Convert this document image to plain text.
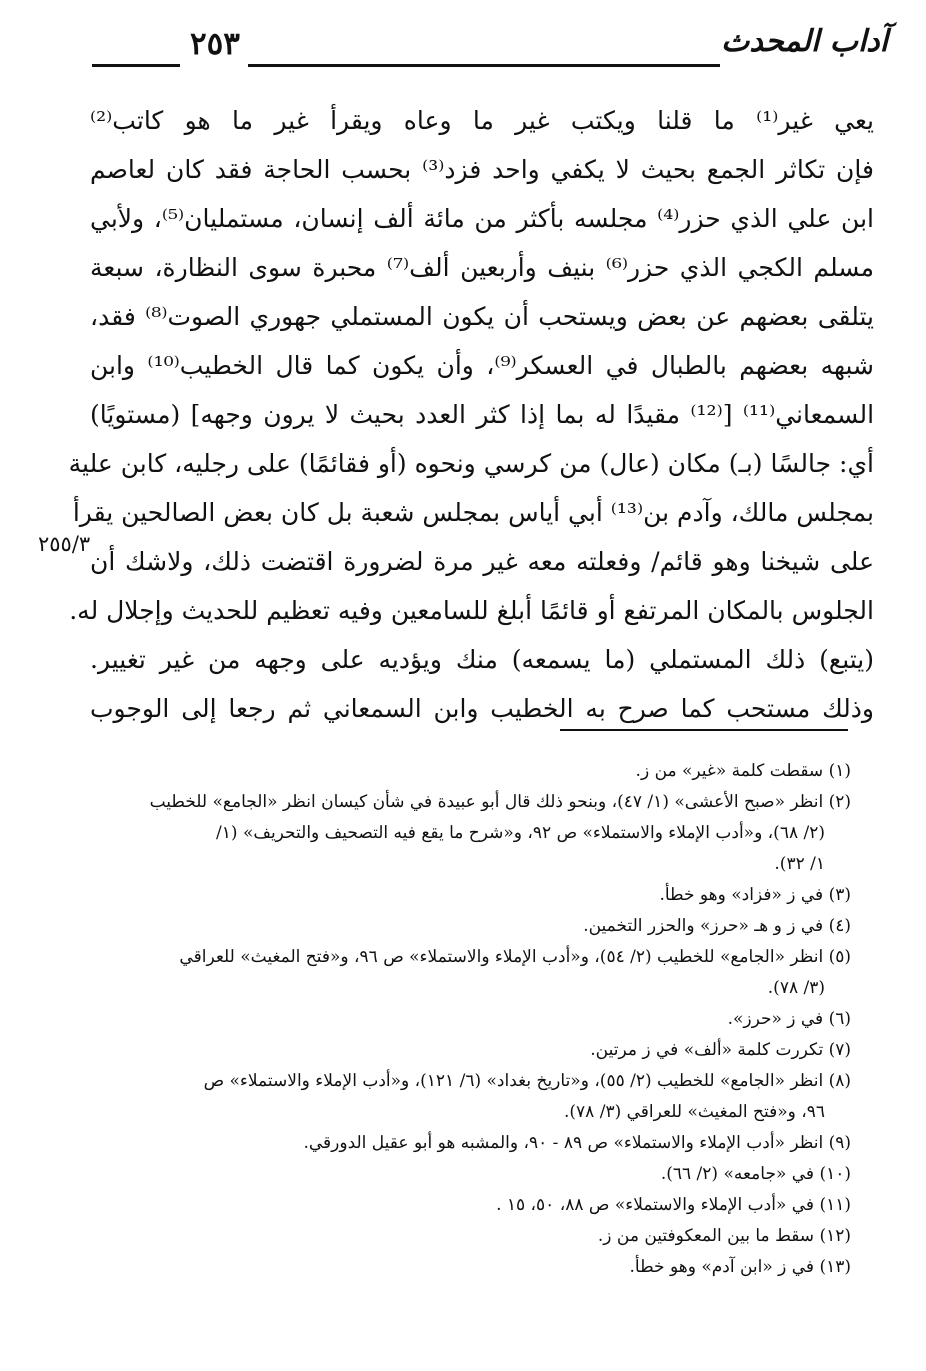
آداب المحدث
٢٥٣
يعي غير⁽¹⁾ ما قلنا ويكتب غير ما وعاه ويقرأ غير ما هو كاتب⁽²⁾
فإن تكاثر الجمع بحيث لا يكفي واحد فزد⁽³⁾ بحسب الحاجة فقد كان لعاصم
ابن علي الذي حزر⁽⁴⁾ مجلسه بأكثر من مائة ألف إنسان، مستمليان⁽⁵⁾، ولأبي
مسلم الكجي الذي حزر⁽⁶⁾ بنيف وأربعين ألف⁽⁷⁾ محبرة سوى النظارة، سبعة
يتلقى بعضهم عن بعض ويستحب أن يكون المستملي جهوري الصوت⁽⁸⁾ فقد،
شبهه بعضهم بالطبال في العسكر⁽⁹⁾، وأن يكون كما قال الخطيب⁽¹⁰⁾ وابن
السمعاني⁽¹¹⁾ [⁽¹²⁾ مقيدًا له بما إذا كثر العدد بحيث لا يرون وجهه] (مستويًا)
أي: جالسًا (بـ) مكان (عال) من كرسي ونحوه (أو فقائمًا) على رجليه، كابن علية
بمجلس مالك، وآدم بن⁽¹³⁾ أبي أياس بمجلس شعبة بل كان بعض الصالحين يقرأ
على شيخنا وهو قائم/ وفعلته معه غير مرة لضرورة اقتضت ذلك، ولاشك أن
الجلوس بالمكان المرتفع أو قائمًا أبلغ للسامعين وفيه تعظيم للحديث وإجلال له.
(يتبع) ذلك المستملي (ما يسمعه) منك ويؤديه على وجهه من غير تغيير.
وذلك مستحب كما صرح به الخطيب وابن السمعاني ثم رجعا إلى الوجوب
٢٥٥/٣
(١) سقطت كلمة «غير» من ز.
(٢) انظر «صبح الأعشى» (١/ ٤٧)، وبنحو ذلك قال أبو عبيدة في شأن كيسان انظر «الجامع» للخطيب
(٢/ ٦٨)، و«أدب الإملاء والاستملاء» ص ٩٢، و«شرح ما يقع فيه التصحيف والتحريف» (١/
١/ ٣٢).
(٣) في ز «فزاد» وهو خطأ.
(٤) في ز و هـ «حرز» والحزر التخمين.
(٥) انظر «الجامع» للخطيب (٢/ ٥٤)، و«أدب الإملاء والاستملاء» ص ٩٦، و«فتح المغيث» للعراقي
(٣/ ٧٨).
(٦) في ز «حرز».
(٧) تكررت كلمة «ألف» في ز مرتين.
(٨) انظر «الجامع» للخطيب (٢/ ٥٥)، و«تاريخ بغداد» (٦/ ١٢١)، و«أدب الإملاء والاستملاء» ص
٩٦، و«فتح المغيث» للعراقي (٣/ ٧٨).
(٩) انظر «أدب الإملاء والاستملاء» ص ٨٩ - ٩٠، والمشبه هو أبو عقيل الدورقي.
(١٠) في «جامعه» (٢/ ٦٦).
(١١) في «أدب الإملاء والاستملاء» ص ٨٨، ٥٠، ١٥ .
(١٢) سقط ما بين المعكوفتين من ز.
(١٣) في ز «ابن آدم» وهو خطأ.
